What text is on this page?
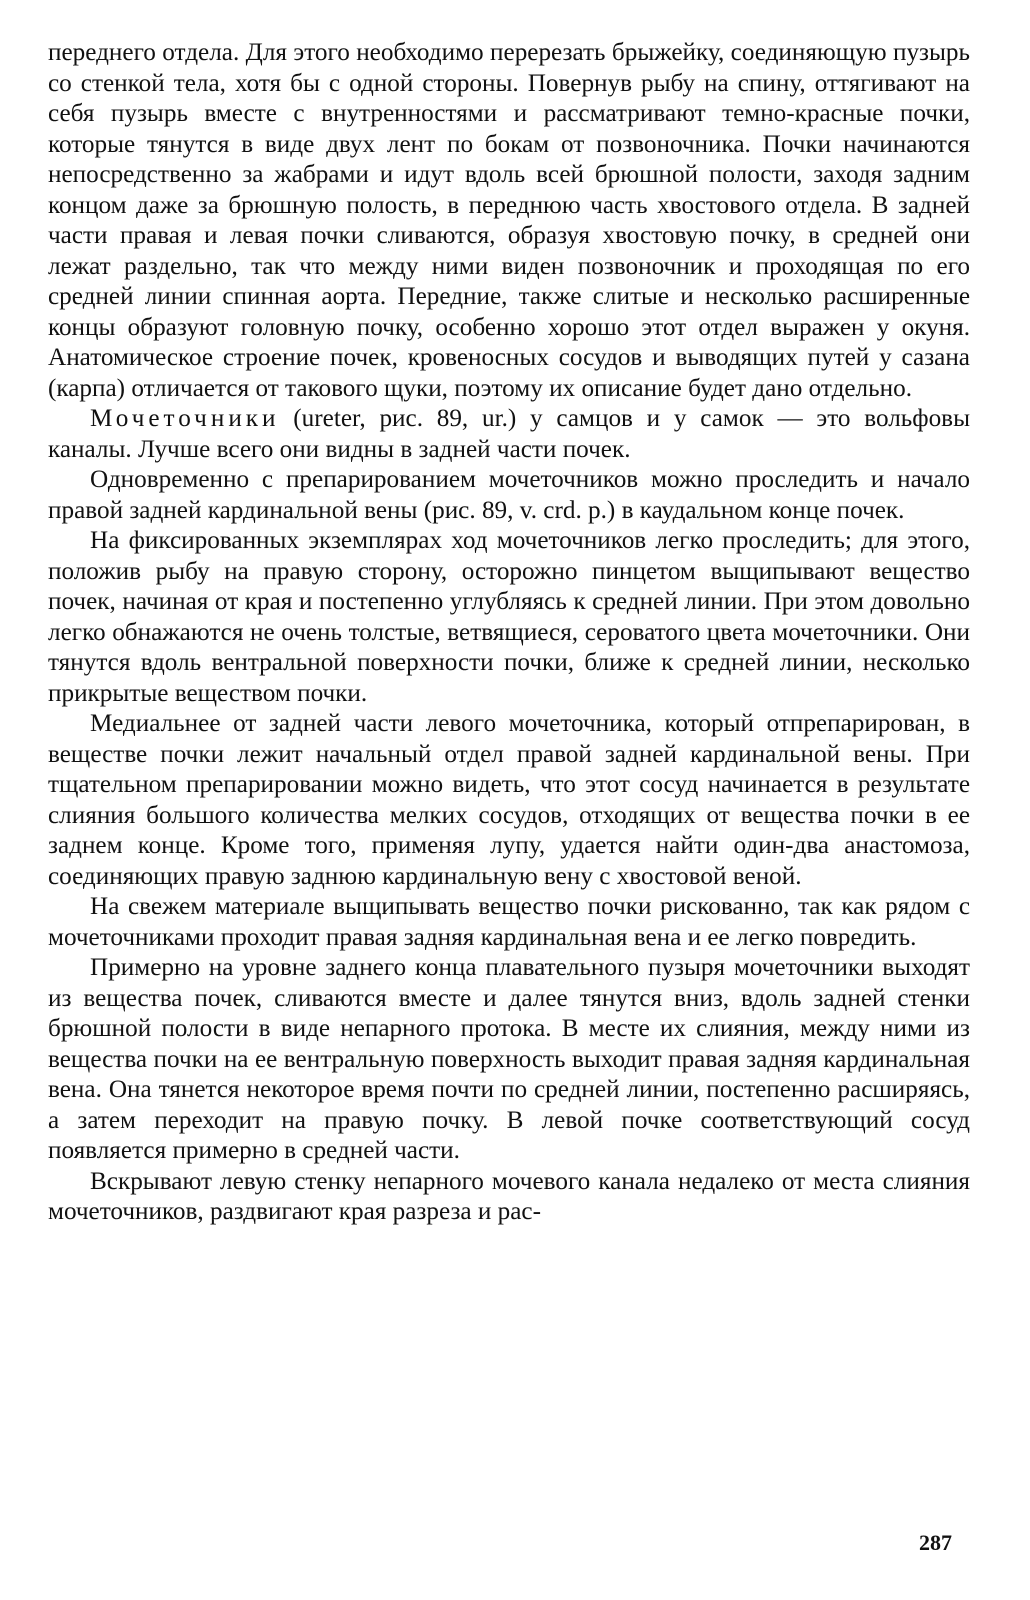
переднего отдела. Для этого необходимо перерезать брыжейку, соединяющую пузырь со стенкой тела, хотя бы с одной стороны. Повернув рыбу на спину, оттягивают на себя пузырь вместе с внутренностями и рассматривают темно-красные почки, которые тянутся в виде двух лент по бокам от позвоночника. Почки начинаются непосредственно за жабрами и идут вдоль всей брюшной полости, заходя задним концом даже за брюшную полость, в переднюю часть хвостового отдела. В задней части правая и левая почки сливаются, образуя хвостовую почку, в средней они лежат раздельно, так что между ними виден позвоночник и проходящая по его средней линии спинная аорта. Передние, также слитые и несколько расширенные концы образуют головную почку, особенно хорошо этот отдел выражен у окуня. Анатомическое строение почек, кровеносных сосудов и выводящих путей у сазана (карпа) отличается от такового щуки, поэтому их описание будет дано отдельно.

Мочеточники (ureter, рис. 89, ur.) у самцов и у самок — это вольфовы каналы. Лучше всего они видны в задней части почек.

Одновременно с препарированием мочеточников можно проследить и начало правой задней кардинальной вены (рис. 89, v. crd. p.) в каудальном конце почек.

На фиксированных экземплярах ход мочеточников легко проследить; для этого, положив рыбу на правую сторону, осторожно пинцетом выщипывают вещество почек, начиная от края и постепенно углубляясь к средней линии. При этом довольно легко обнажаются не очень толстые, ветвящиеся, сероватого цвета мочеточники. Они тянутся вдоль вентральной поверхности почки, ближе к средней линии, несколько прикрытые веществом почки.

Медиальнее от задней части левого мочеточника, который отпрепарирован, в веществе почки лежит начальный отдел правой задней кардинальной вены. При тщательном препарировании можно видеть, что этот сосуд начинается в результате слияния большого количества мелких сосудов, отходящих от вещества почки в ее заднем конце. Кроме того, применяя лупу, удается найти один-два анастомоза, соединяющих правую заднюю кардинальную вену с хвостовой веной.

На свежем материале выщипывать вещество почки рискованно, так как рядом с мочеточниками проходит правая задняя кардинальная вена и ее легко повредить.

Примерно на уровне заднего конца плавательного пузыря мочеточники выходят из вещества почек, сливаются вместе и далее тянутся вниз, вдоль задней стенки брюшной полости в виде непарного протока. В месте их слияния, между ними из вещества почки на ее вентральную поверхность выходит правая задняя кардинальная вена. Она тянется некоторое время почти по средней линии, постепенно расширяясь, а затем переходит на правую почку. В левой почке соответствующий сосуд появляется примерно в средней части.

Вскрывают левую стенку непарного мочевого канала недалеко от места слияния мочеточников, раздвигают края разреза и рас-

287
